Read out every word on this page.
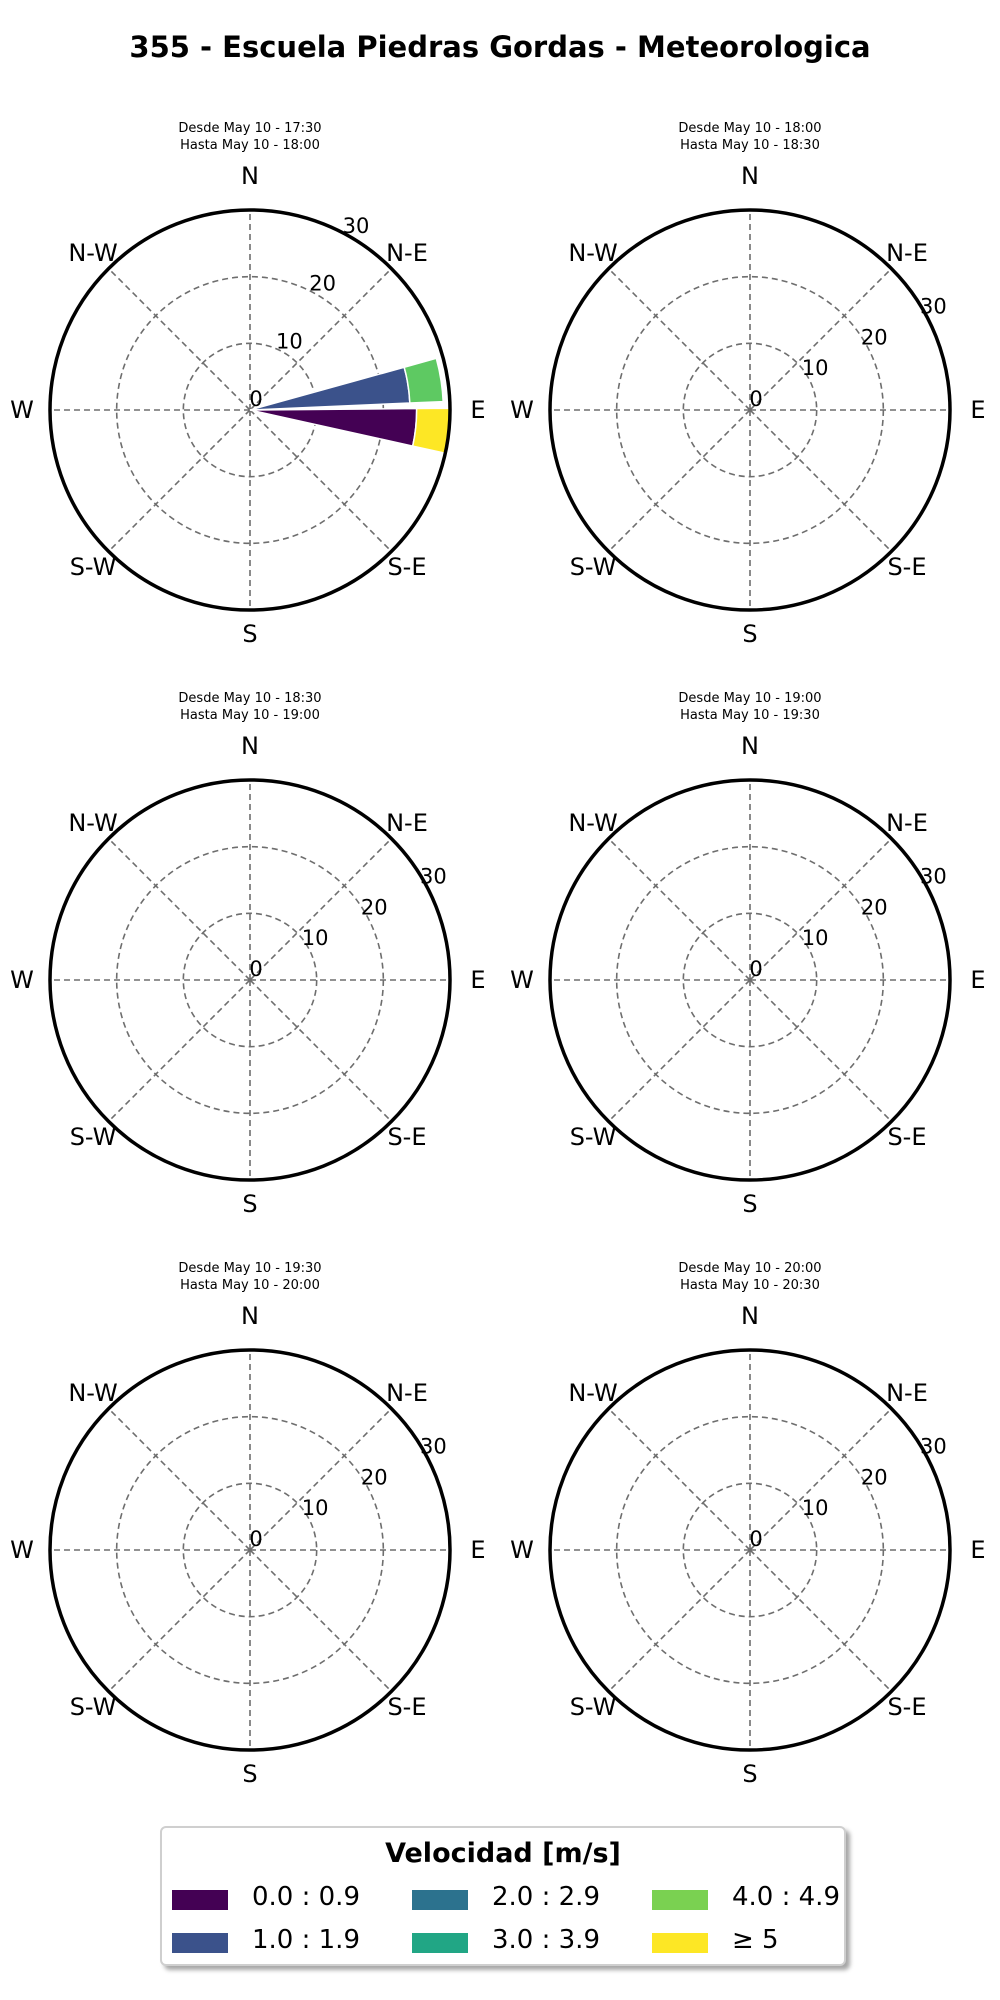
355 - Escuela Piedras Gordas - Meteorologica
Desde May 10 - 17:30
Hasta May 10 - 18:00
N
N-E
E
S-E
S
S-W
W
N-W
0
10
20
30
Desde May 10 - 18:00
Hasta May 10 - 18:30
N
N-E
E
S-E
S
S-W
W
N-W
0
10
20
30
Desde May 10 - 18:30
Hasta May 10 - 19:00
N
N-E
E
S-E
S
S-W
W
N-W
0
10
20
30
Desde May 10 - 19:00
Hasta May 10 - 19:30
N
N-E
E
S-E
S
S-W
W
N-W
0
10
20
30
Desde May 10 - 19:30
Hasta May 10 - 20:00
N
N-E
E
S-E
S
S-W
W
N-W
0
10
20
30
Desde May 10 - 20:00
Hasta May 10 - 20:30
N
N-E
E
S-E
S
S-W
W
N-W
0
10
20
30
Velocidad [m/s]
0.0 : 0.9
1.0 : 1.9
2.0 : 2.9
3.0 : 3.9
4.0 : 4.9
≥ 5
